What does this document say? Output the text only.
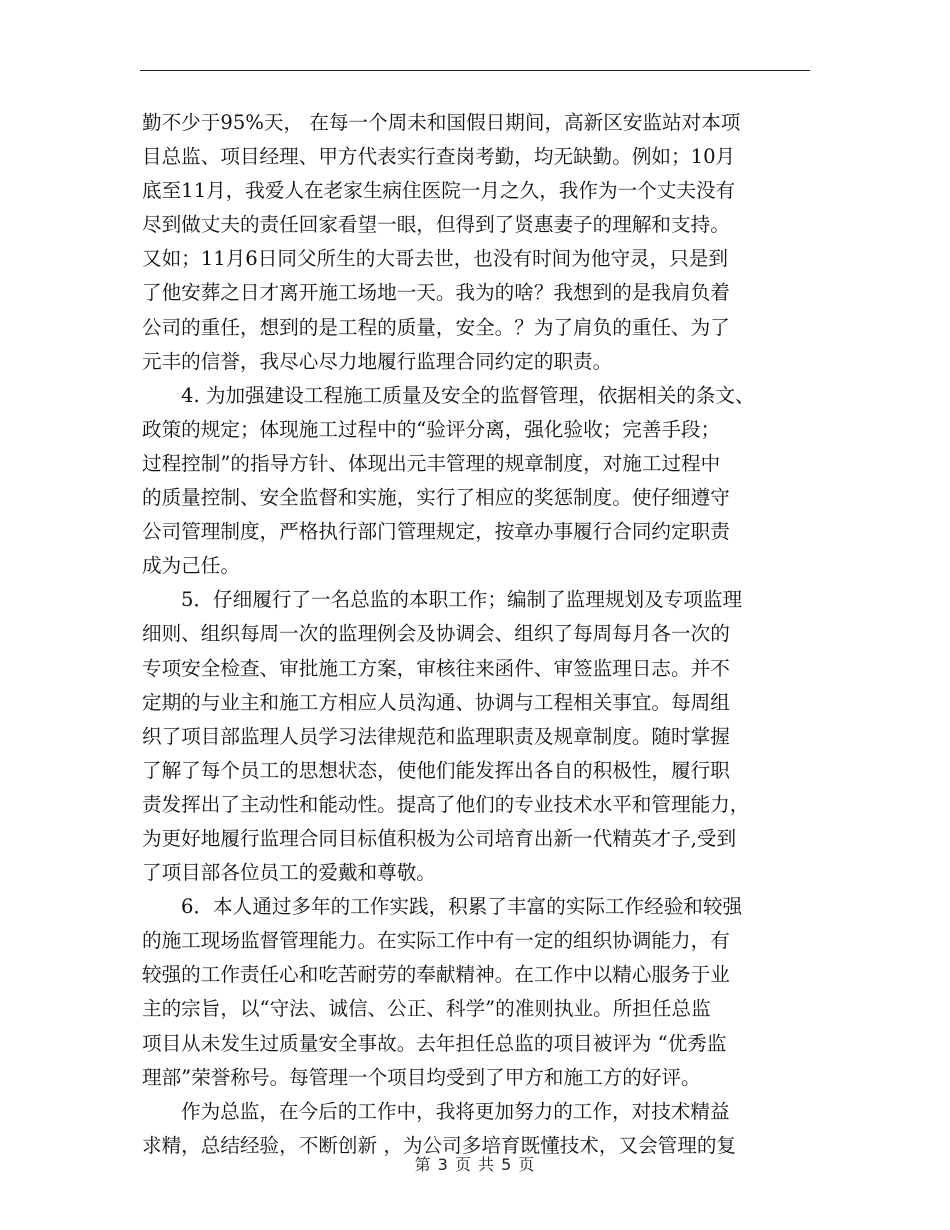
勤不少于95%天， 在每一个周未和国假日期间，高新区安监站对本项
目总监、项目经理、甲方代表实行查岗考勤，均无缺勤。例如；10月
底至11月，我爱人在老家生病住医院一月之久，我作为一个丈夫没有
尽到做丈夫的责任回家看望一眼，但得到了贤惠妻子的理解和支持。
又如；11月6日同父所生的大哥去世，也没有时间为他守灵，只是到
了他安葬之日才离开施工场地一天。我为的啥？我想到的是我肩负着
公司的重任，想到的是工程的质量，安全。？为了肩负的重任、为了
元丰的信誉，我尽心尽力地履行监理合同约定的职责。
4. 为加强建设工程施工质量及安全的监督管理，依据相关的条文、
政策的规定；体现施工过程中的“验评分离，强化验收；完善手段；
过程控制”的指导方针、体现出元丰管理的规章制度，对施工过程中
的质量控制、安全监督和实施，实行了相应的奖惩制度。使仔细遵守
公司管理制度，严格执行部门管理规定，按章办事履行合同约定职责
成为己任。
5．仔细履行了一名总监的本职工作；编制了监理规划及专项监理
细则、组织每周一次的监理例会及协调会、组织了每周每月各一次的
专项安全检查、审批施工方案，审核往来函件、审签监理日志。并不
定期的与业主和施工方相应人员沟通、协调与工程相关事宜。每周组
织了项目部监理人员学习法律规范和监理职责及规章制度。随时掌握
了解了每个员工的思想状态，使他们能发挥出各自的积极性，履行职
责发挥出了主动性和能动性。提高了他们的专业技术水平和管理能力，
为更好地履行监理合同目标值积极为公司培育出新一代精英才子,受到
了项目部各位员工的爱戴和尊敬。
6．本人通过多年的工作实践，积累了丰富的实际工作经验和较强
的施工现场监督管理能力。在实际工作中有一定的组织协调能力，有
较强的工作责任心和吃苦耐劳的奉献精神。在工作中以精心服务于业
主的宗旨，以“守法、诚信、公正、科学”的准则执业。所担任总监
项目从未发生过质量安全事故。去年担任总监的项目被评为 “优秀监
理部”荣誉称号。每管理一个项目均受到了甲方和施工方的好评。
作为总监，在今后的工作中，我将更加努力的工作，对技术精益
求精，总结经验，不断创新 ，为公司多培育既懂技术，又会管理的复
第 3 页 共 5 页
